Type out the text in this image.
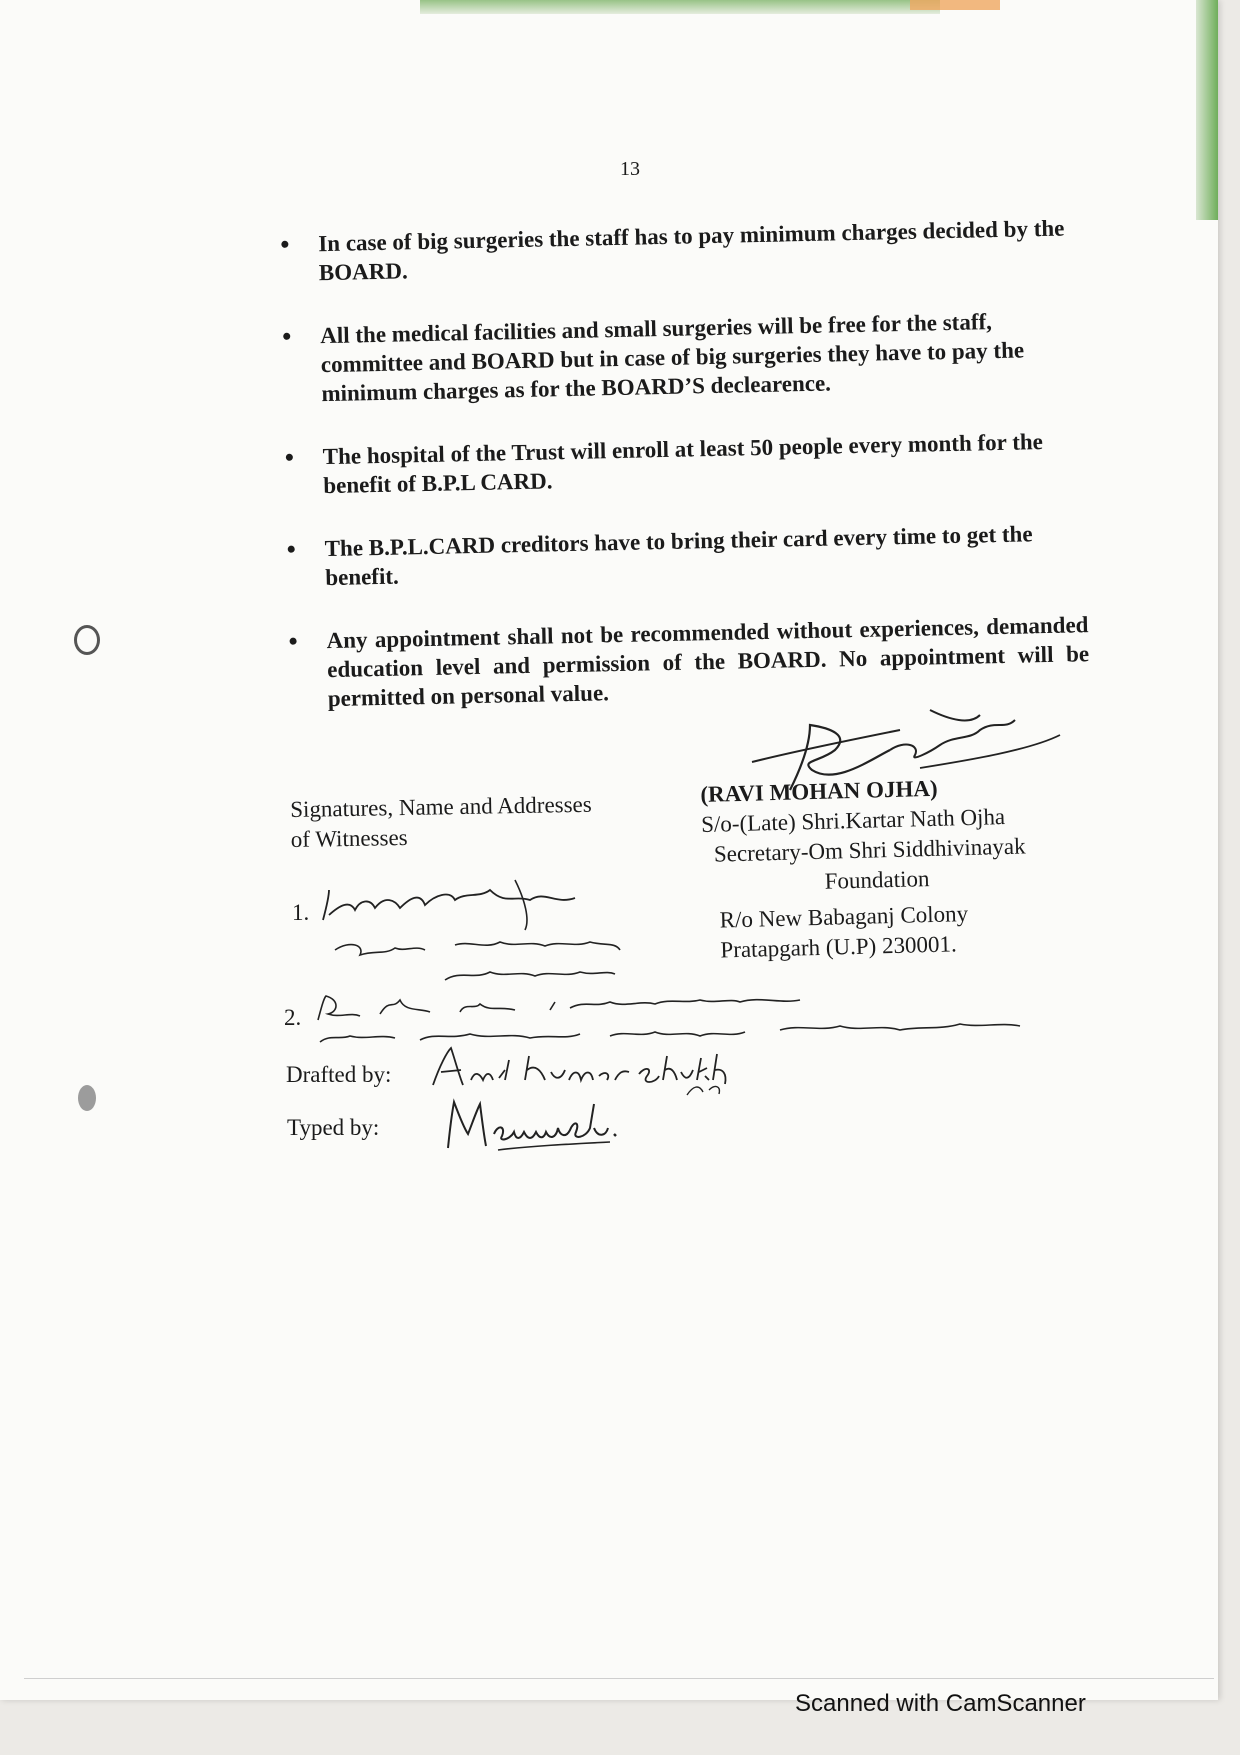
13
• In case of big surgeries the staff has to pay minimum charges decided by the BOARD.
• All the medical facilities and small surgeries will be free for the staff, committee and BOARD but in case of big surgeries they have to pay the minimum charges as for the BOARD’S declearence.
• The hospital of the Trust will enroll at least 50 people every month for the benefit of B.P.L CARD.
• The B.P.L.CARD creditors have to bring their card every time to get the benefit.
• Any appointment shall not be recommended without experiences, demanded education level and permission of the BOARD. No appointment will be permitted on personal value.
Signatures, Name and Addresses
of Witnesses
(RAVI MOHAN OJHA)
S/o-(Late) Shri.Kartar Nath Ojha
Secretary-Om Shri Siddhivinayak
Foundation
R/o New Babaganj Colony
Pratapgarh (U.P) 230001.
1.
2.
Drafted by:
Typed by:
Scanned with CamScanner
